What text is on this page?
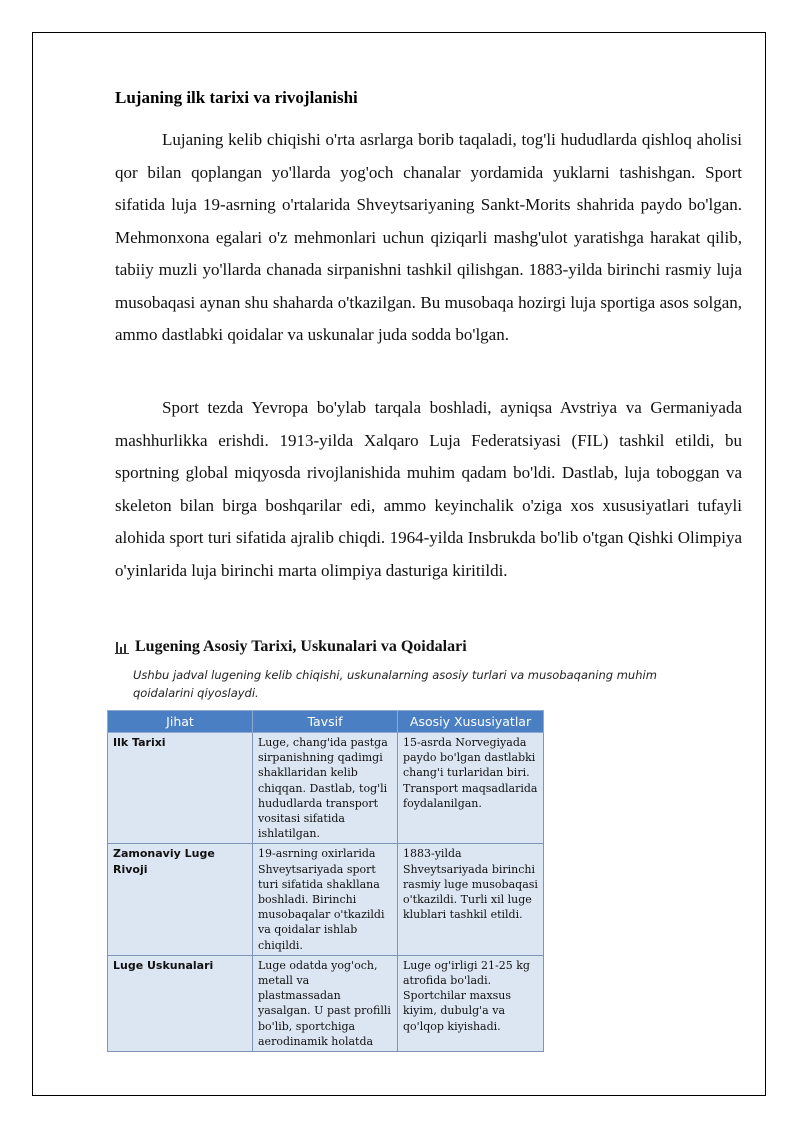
Lujaning ilk tarixi va rivojlanishi

Lujaning kelib chiqishi o'rta asrlarga borib taqaladi, tog'li hududlarda qishloq aholisi qor bilan qoplangan yo'llarda yog'och chanalar yordamida yuklarni tashishgan. Sport sifatida luja 19-asrning o'rtalarida Shveytsariyaning Sankt-Morits shahrida paydo bo'lgan. Mehmonxona egalari o'z mehmonlari uchun qiziqarli mashg'ulot yaratishga harakat qilib, tabiiy muzli yo'llarda chanada sirpanishni tashkil qilishgan. 1883-yilda birinchi rasmiy luja musobaqasi aynan shu shaharda o'tkazilgan. Bu musobaqa hozirgi luja sportiga asos solgan, ammo dastlabki qoidalar va uskunalar juda sodda bo'lgan.

Sport tezda Yevropa bo'ylab tarqala boshladi, ayniqsa Avstriya va Germaniyada mashhurlikka erishdi. 1913-yilda Xalqaro Luja Federatsiyasi (FIL) tashkil etildi, bu sportning global miqyosda rivojlanishida muhim qadam bo'ldi. Dastlab, luja toboggan va skeleton bilan birga boshqarilar edi, ammo keyinchalik o'ziga xos xususiyatlari tufayli alohida sport turi sifatida ajralib chiqdi. 1964-yilda Insbrukda bo'lib o'tgan Qishki Olimpiya o'yinlarida luja birinchi marta olimpiya dasturiga kiritildi.

Lugening Asosiy Tarixi, Uskunalari va Qoidalari

Ushbu jadval lugening kelib chiqishi, uskunalarning asosiy turlari va musobaqaning muhim qoidalarini qiyoslaydi.

Jihat	Tavsif	Asosiy Xususiyatlar
Ilk Tarixi	Luge, chang'ida pastga sirpanishning qadimgi shakllaridan kelib chiqqan. Dastlab, tog'li hududlarda transport vositasi sifatida ishlatilgan.	15-asrda Norvegiyada paydo bo'lgan dastlabki chang'i turlaridan biri. Transport maqsadlarida foydalanilgan.
Zamonaviy Luge Rivoji	19-asrning oxirlarida Shveytsariyada sport turi sifatida shakllana boshladi. Birinchi musobaqalar o'tkazildi va qoidalar ishlab chiqildi.	1883-yilda Shveytsariyada birinchi rasmiy luge musobaqasi o'tkazildi. Turli xil luge klublari tashkil etildi.
Luge Uskunalari	Luge odatda yog'och, metall va plastmassadan yasalgan. U past profilli bo'lib, sportchiga aerodinamik holatda	Luge og'irligi 21-25 kg atrofida bo'ladi. Sportchilar maxsus kiyim, dubulg'a va qo'lqop kiyishadi.
